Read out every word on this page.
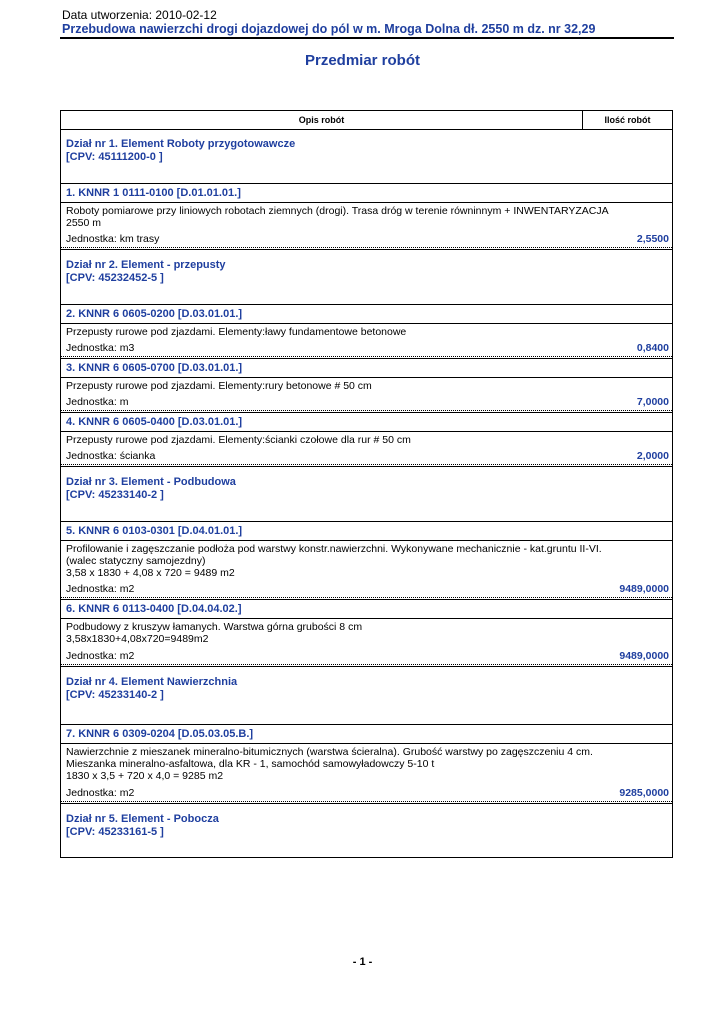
Data utworzenia: 2010-02-12
Przebudowa nawierzchi drogi dojazdowej do pól w m. Mroga Dolna dł. 2550 m dz. nr 32,29
Przedmiar robót
Opis robót	Ilość robót
Dział nr 1. Element Roboty przygotowawcze
[CPV: 45111200-0 ]
1. KNNR 1 0111-0100 [D.01.01.01.]
Roboty pomiarowe przy liniowych robotach ziemnych (drogi). Trasa dróg w terenie równinnym + INWENTARYZACJA
2550 m
Jednostka: km trasy	2,5500
Dział nr 2. Element - przepusty
[CPV: 45232452-5 ]
2. KNNR 6 0605-0200 [D.03.01.01.]
Przepusty rurowe pod zjazdami. Elementy:ławy fundamentowe betonowe
Jednostka: m3	0,8400
3. KNNR 6 0605-0700 [D.03.01.01.]
Przepusty rurowe pod zjazdami. Elementy:rury betonowe # 50 cm
Jednostka: m	7,0000
4. KNNR 6 0605-0400 [D.03.01.01.]
Przepusty rurowe pod zjazdami. Elementy:ścianki czołowe dla rur # 50 cm
Jednostka: ścianka	2,0000
Dział nr 3. Element - Podbudowa
[CPV: 45233140-2 ]
5. KNNR 6 0103-0301 [D.04.01.01.]
Profilowanie i zagęszczanie podłoża pod warstwy konstr.nawierzchni. Wykonywane mechanicznie - kat.gruntu II-VI.
(walec statyczny samojezdny)
3,58 x 1830 + 4,08 x 720 = 9489 m2
Jednostka: m2	9489,0000
6. KNNR 6 0113-0400 [D.04.04.02.]
Podbudowy z kruszyw łamanych. Warstwa górna grubości 8 cm
3,58x1830+4,08x720=9489m2
Jednostka: m2	9489,0000
Dział nr 4. Element Nawierzchnia
[CPV: 45233140-2 ]
7. KNNR 6 0309-0204 [D.05.03.05.B.]
Nawierzchnie z mieszanek mineralno-bitumicznych (warstwa ścieralna). Grubość warstwy po zagęszczeniu 4 cm.
Mieszanka mineralno-asfaltowa, dla KR - 1, samochód samowyładowczy 5-10 t
1830 x 3,5 + 720 x 4,0 = 9285 m2
Jednostka: m2	9285,0000
Dział nr 5. Element - Pobocza
[CPV: 45233161-5 ]
- 1 -
